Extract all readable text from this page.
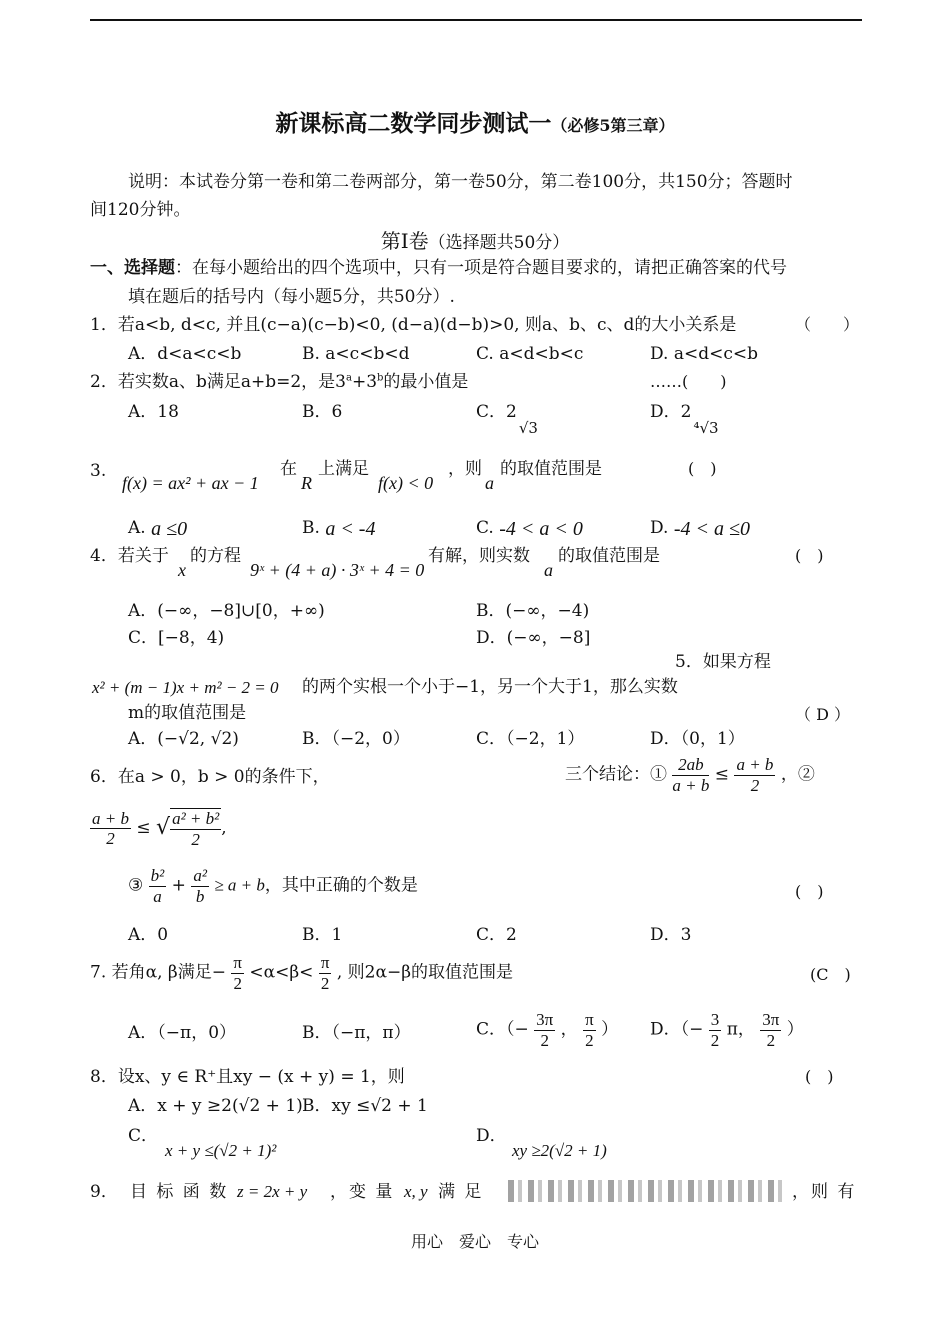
新课标高二数学同步测试一（必修5第三章）
说明：本试卷分第一卷和第二卷两部分，第一卷50分，第二卷100分，共150分；答题时
间120分钟。
第Ⅰ卷（选择题共50分）
一、选择题：在每小题给出的四个选项中，只有一项是符合题目要求的，请把正确答案的代号
填在题后的括号内（每小题5分，共50分）.
1．若a<b, d<c, 并且(c−a)(c−b)<0, (d−a)(d−b)>0, 则a、b、c、d的大小关系是	（　　）
A．d<a<c<b	B. a<c<b<d	C. a<d<b<c	D. a<d<c<b
2．若实数a、b满足a+b=2，是$3^a+3^b$的最小值是	……(　　)
A．18	B．6	C．2√3
D．2⁴√3
3.
f(x) = ax² + ax − 1
在
R
上满足
f(x) < 0
，则
a
的取值范围是	(　)
A. a ≤0	B. a < -4	C. -4 < a < 0	D. -4 < a ≤0
4．若关于
x
的方程
9ˣ + (4 + a) · 3ˣ + 4 = 0
有解，则实数
a
的取值范围是	(　)
A．(−∞，−8]∪[0，+∞)	B．(−∞，−4)
C．[−8，4)	D．(−∞，−8]
5．如果方程
x² + (m − 1)x + m² − 2 = 0 的两个实根一个小于−1，另一个大于1，那么实数
m的取值范围是	（ D ）
A．(−√2, √2)	B．（−2，0）	C．（−2，1）	D．（0，1）
6．在a > 0，b > 0的条件下，	三个结论：① $\frac{2ab}{a + b} \le \frac{a + b}{2}$ ，②
$\frac{a + b}{2}$ ≤ √ $\frac{\text{a² + b²}}{2}$ ,
③ $\frac{\text{b²}}{a} + \frac{\text{a²}}{b} \ge a + b$，其中正确的个数是	(　)
A．0	B．1	C．2	D．3
7. 若角α, β满足− $\frac{\pi}{2} <\alpha<\beta< \frac{\pi}{2}$ , 则2α−β的取值范围是	(C　)
A．（−π，0）	B．（−π，π）	C．（− $\frac{3\pi}{2}$ ， $\frac{\pi}{2}$ ） D．（− $\frac{3}{2}$ π， $\frac{3\pi}{2}$ ）
8．设x、y ∈ R⁺且xy − (x + y) = 1，则	(　)
A．x + y ≥2(√2 + 1) B．xy ≤√2 + 1
C．
x + y ≤(√2 + 1)²
D．
xy ≥2(√2 + 1)
9． 目 标 函 数 z = 2x + y ，变 量 x, y 满 足	，则 有
用心　爱心　专心
